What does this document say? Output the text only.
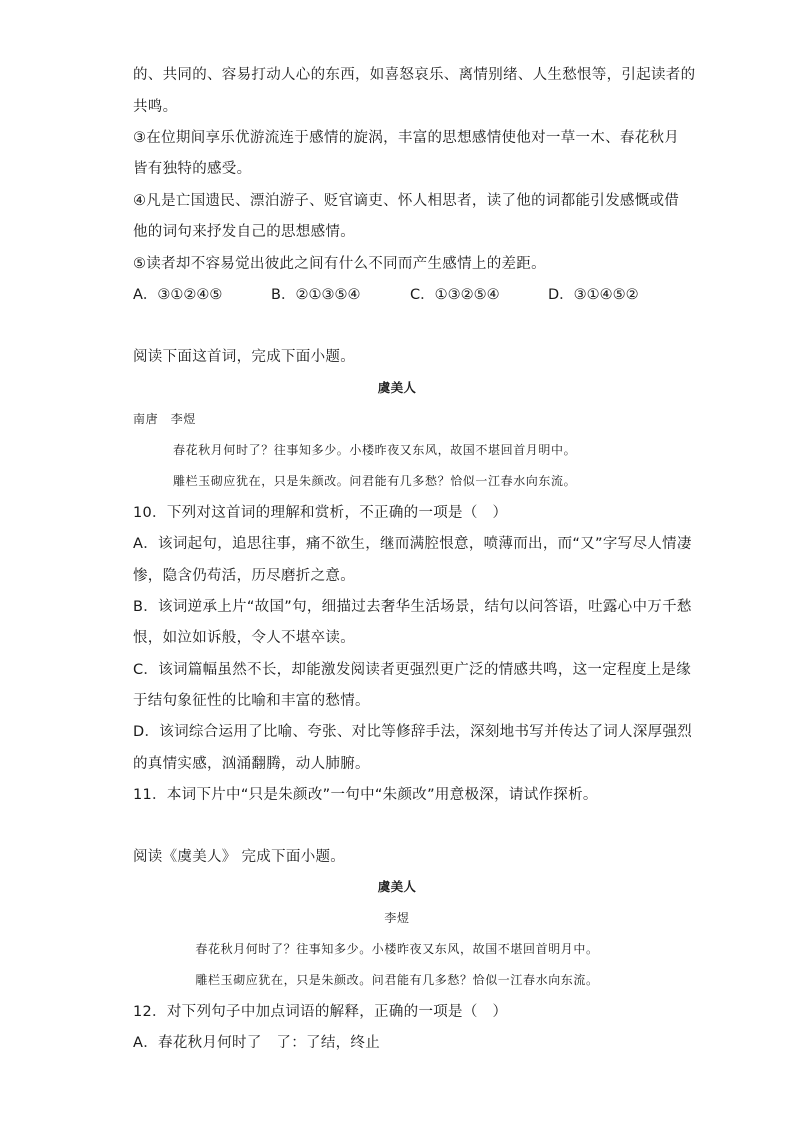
的、共同的、容易打动人心的东西，如喜怒哀乐、离情别绪、人生愁恨等，引起读者的
共鸣。
③在位期间享乐优游流连于感情的旋涡，丰富的思想感情使他对一草一木、春花秋月
皆有独特的感受。
④凡是亡国遗民、漂泊游子、贬官谪吏、怀人相思者，读了他的词都能引发感慨或借
他的词句来抒发自己的思想感情。
⑤读者却不容易觉出彼此之间有什么不同而产生感情上的差距。
A．③①②④⑤	B．②①③⑤④	C．①③②⑤④	D．③①④⑤②
阅读下面这首词，完成下面小题。
虞美人
南唐　李煜
春花秋月何时了？往事知多少。小楼昨夜又东风，故国不堪回首月明中。
雕栏玉砌应犹在，只是朱颜改。问君能有几多愁？恰似一江春水向东流。
10．下列对这首词的理解和赏析，不正确的一项是（　）
A．该词起句，追思往事，痛不欲生，继而满腔恨意，喷薄而出，而“又”字写尽人情凄
惨，隐含仍苟活，历尽磨折之意。
B．该词逆承上片“故国”句，细描过去奢华生活场景，结句以问答语，吐露心中万千愁
恨，如泣如诉般，令人不堪卒读。
C．该词篇幅虽然不长，却能激发阅读者更强烈更广泛的情感共鸣，这一定程度上是缘
于结句象征性的比喻和丰富的愁情。
D．该词综合运用了比喻、夸张、对比等修辞手法，深刻地书写并传达了词人深厚强烈
的真情实感，汹涌翻腾，动人肺腑。
11．本词下片中“只是朱颜改”一句中“朱颜改”用意极深，请试作探析。
阅读《虞美人》 完成下面小题。
虞美人
李煜
春花秋月何时了？往事知多少。小楼昨夜又东风，故国不堪回首明月中。
雕栏玉砌应犹在，只是朱颜改。问君能有几多愁？恰似一江春水向东流。
12．对下列句子中加点词语的解释，正确的一项是（　）
A．春花秋月何时了　了：了结，终止
